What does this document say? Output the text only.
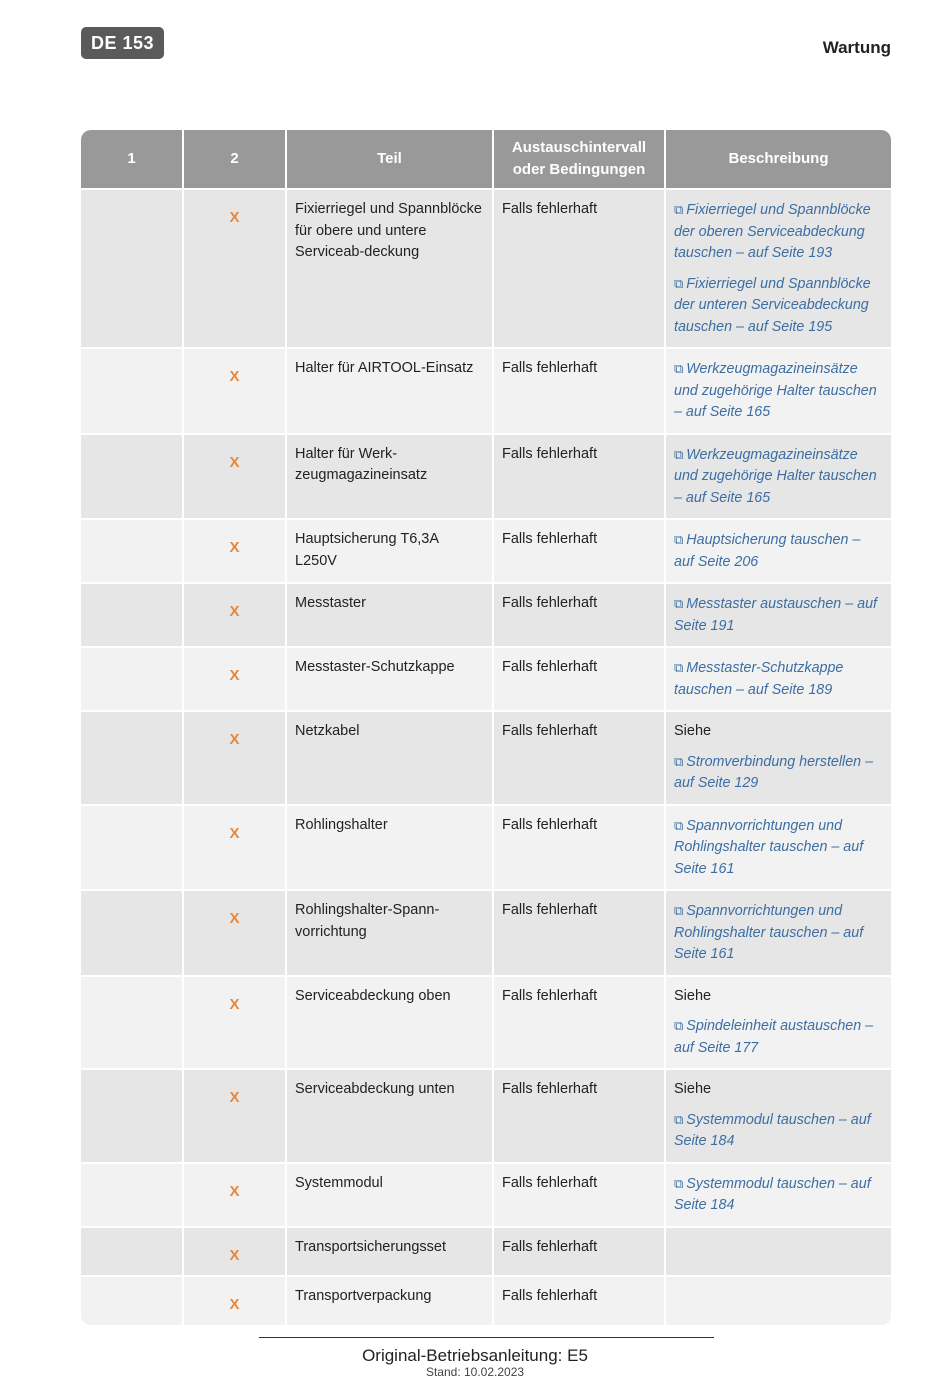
DE 153	Wartung
1	2	Teil	Austauschintervall oder Bedingungen	Beschreibung
	X	Fixierriegel und Spannblöcke für obere und untere Serviceab-deckung	Falls fehlerhaft	⧉ Fixierriegel und Spannblöcke der oberen Serviceabdeckung tauschen – auf Seite 193
⧉ Fixierriegel und Spannblöcke der unteren Serviceabdeckung tauschen – auf Seite 195

	X	Halter für AIRTOOL-Einsatz	Falls fehlerhaft	⧉ Werkzeugmagazineinsätze und zugehörige Halter tauschen – auf Seite 165

	X	Halter für Werk-zeugmagazineinsatz	Falls fehlerhaft	⧉ Werkzeugmagazineinsätze und zugehörige Halter tauschen – auf Seite 165

	X	Hauptsicherung T6,3A L250V	Falls fehlerhaft	⧉ Hauptsicherung tauschen – auf Seite 206

	X	Messtaster	Falls fehlerhaft	⧉ Messtaster austauschen – auf Seite 191

	X	Messtaster-Schutzkappe	Falls fehlerhaft	⧉ Messtaster-Schutzkappe tauschen – auf Seite 189

	X	Netzkabel	Falls fehlerhaft	Siehe
⧉ Stromverbindung herstellen – auf Seite 129

	X	Rohlingshalter	Falls fehlerhaft	⧉ Spannvorrichtungen und Rohlingshalter tauschen – auf Seite 161

	X	Rohlingshalter-Spann-vorrichtung	Falls fehlerhaft	⧉ Spannvorrichtungen und Rohlingshalter tauschen – auf Seite 161

	X	Serviceabdeckung oben	Falls fehlerhaft	Siehe
⧉ Spindeleinheit austauschen – auf Seite 177

	X	Serviceabdeckung unten	Falls fehlerhaft	Siehe
⧉ Systemmodul tauschen – auf Seite 184

	X	Systemmodul	Falls fehlerhaft	⧉ Systemmodul tauschen – auf Seite 184

	X	Transportsicherungsset	Falls fehlerhaft	
	X	Transportverpackung	Falls fehlerhaft	
Original-Betriebsanleitung: E5
Stand: 10.02.2023
